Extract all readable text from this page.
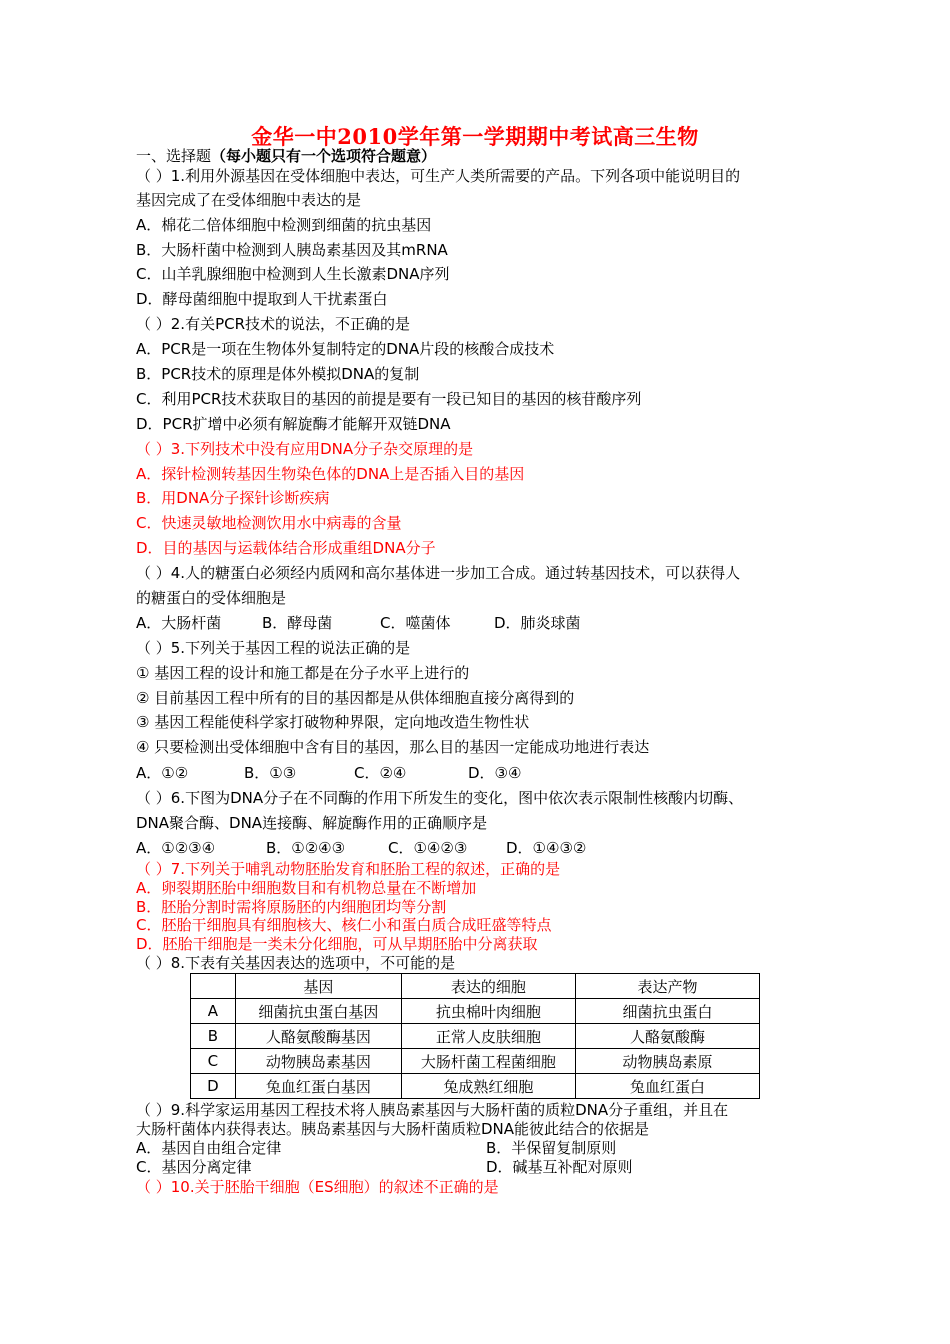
金华一中2010学年第一学期期中考试高三生物
一、选择题（每小题只有一个选项符合题意）
（ ）1.利用外源基因在受体细胞中表达，可生产人类所需要的产品。下列各项中能说明目的
基因完成了在受体细胞中表达的是
A．棉花二倍体细胞中检测到细菌的抗虫基因
B．大肠杆菌中检测到人胰岛素基因及其mRNA
C．山羊乳腺细胞中检测到人生长激素DNA序列
D．酵母菌细胞中提取到人干扰素蛋白
（ ）2.有关PCR技术的说法，不正确的是
A．PCR是一项在生物体外复制特定的DNA片段的核酸合成技术
B．PCR技术的原理是体外模拟DNA的复制
C．利用PCR技术获取目的基因的前提是要有一段已知目的基因的核苷酸序列
D．PCR扩增中必须有解旋酶才能解开双链DNA
（ ）3.下列技术中没有应用DNA分子杂交原理的是
A．探针检测转基因生物染色体的DNA上是否插入目的基因
B．用DNA分子探针诊断疾病
C．快速灵敏地检测饮用水中病毒的含量
D．目的基因与运载体结合形成重组DNA分子
（ ）4.人的糖蛋白必须经内质网和高尔基体进一步加工合成。通过转基因技术，可以获得人
的糖蛋白的受体细胞是
A．大肠杆菌	B．酵母菌	C．噬菌体	D．肺炎球菌
（ ）5.下列关于基因工程的说法正确的是
① 基因工程的设计和施工都是在分子水平上进行的
② 目前基因工程中所有的目的基因都是从供体细胞直接分离得到的
③ 基因工程能使科学家打破物种界限，定向地改造生物性状
④ 只要检测出受体细胞中含有目的基因，那么目的基因一定能成功地进行表达
A．①②	B．①③	C．②④	D．③④
（ ）6.下图为DNA分子在不同酶的作用下所发生的变化，图中依次表示限制性核酸内切酶、
DNA聚合酶、DNA连接酶、解旋酶作用的正确顺序是
A．①②③④	B．①②④③	C．①④②③	D．①④③②
（ ）7.下列关于哺乳动物胚胎发育和胚胎工程的叙述，正确的是
A．卵裂期胚胎中细胞数目和有机物总量在不断增加
B．胚胎分割时需将原肠胚的内细胞团均等分割
C．胚胎干细胞具有细胞核大、核仁小和蛋白质合成旺盛等特点
D．胚胎干细胞是一类未分化细胞，可从早期胚胎中分离获取
（ ）8.下表有关基因表达的选项中，不可能的是
	基因	表达的细胞	表达产物
A	细菌抗虫蛋白基因	抗虫棉叶肉细胞	细菌抗虫蛋白
B	人酪氨酸酶基因	正常人皮肤细胞	人酪氨酸酶
C	动物胰岛素基因	大肠杆菌工程菌细胞	动物胰岛素原
D	兔血红蛋白基因	兔成熟红细胞	兔血红蛋白
（ ）9.科学家运用基因工程技术将人胰岛素基因与大肠杆菌的质粒DNA分子重组，并且在
大肠杆菌体内获得表达。胰岛素基因与大肠杆菌质粒DNA能彼此结合的依据是
A．基因自由组合定律	B．半保留复制原则
C．基因分离定律	D．碱基互补配对原则
（ ）10.关于胚胎干细胞（ES细胞）的叙述不正确的是
